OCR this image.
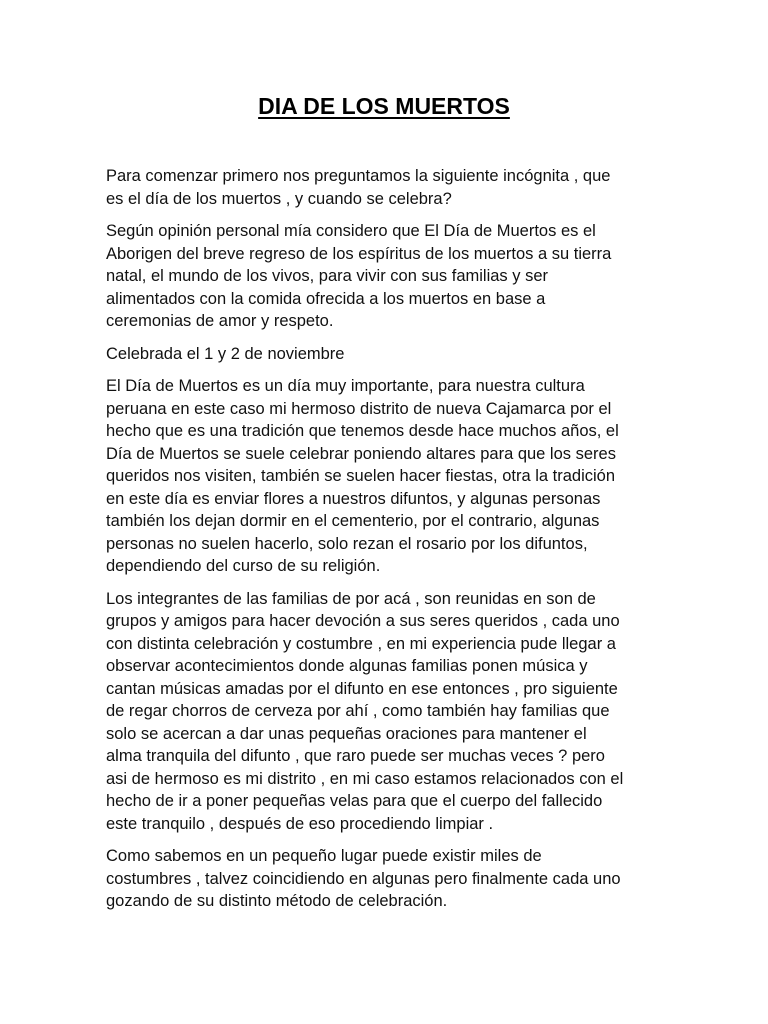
DIA DE LOS MUERTOS

Para comenzar primero nos preguntamos la siguiente incógnita , que
es el día de los muertos , y cuando se celebra?

Según opinión personal mía considero que El Día de Muertos es el
Aborigen del breve regreso de los espíritus de los muertos a su tierra
natal, el mundo de los vivos, para vivir con sus familias y ser
alimentados con la comida ofrecida a los muertos en base a
ceremonias de amor y respeto.

Celebrada el 1 y 2 de noviembre

El Día de Muertos es un día muy importante, para nuestra cultura
peruana en este caso mi hermoso distrito de nueva Cajamarca por el
hecho que es una tradición que tenemos desde hace muchos años, el
Día de Muertos se suele celebrar poniendo altares para que los seres
queridos nos visiten, también se suelen hacer fiestas, otra la tradición
en este día es enviar flores a nuestros difuntos, y algunas personas
también los dejan dormir en el cementerio, por el contrario, algunas
personas no suelen hacerlo, solo rezan el rosario por los difuntos,
dependiendo del curso de su religión.

Los integrantes de las familias de por acá , son reunidas en son de
grupos y amigos para hacer devoción a sus seres queridos , cada uno
con distinta celebración y costumbre , en mi experiencia pude llegar a
observar acontecimientos donde algunas familias ponen música y
cantan músicas amadas por el difunto en ese entonces , pro siguiente
de regar chorros de cerveza por ahí , como también hay familias que
solo se acercan a dar unas pequeñas oraciones para mantener el
alma tranquila del difunto , que raro puede ser muchas veces ? pero
asi de hermoso es mi distrito , en mi caso estamos relacionados con el
hecho de ir a poner pequeñas velas para que el cuerpo del fallecido
este tranquilo , después de eso procediendo limpiar .

Como sabemos en un pequeño lugar puede existir miles de
costumbres , talvez coincidiendo en algunas pero finalmente cada uno
gozando de su distinto método de celebración.
